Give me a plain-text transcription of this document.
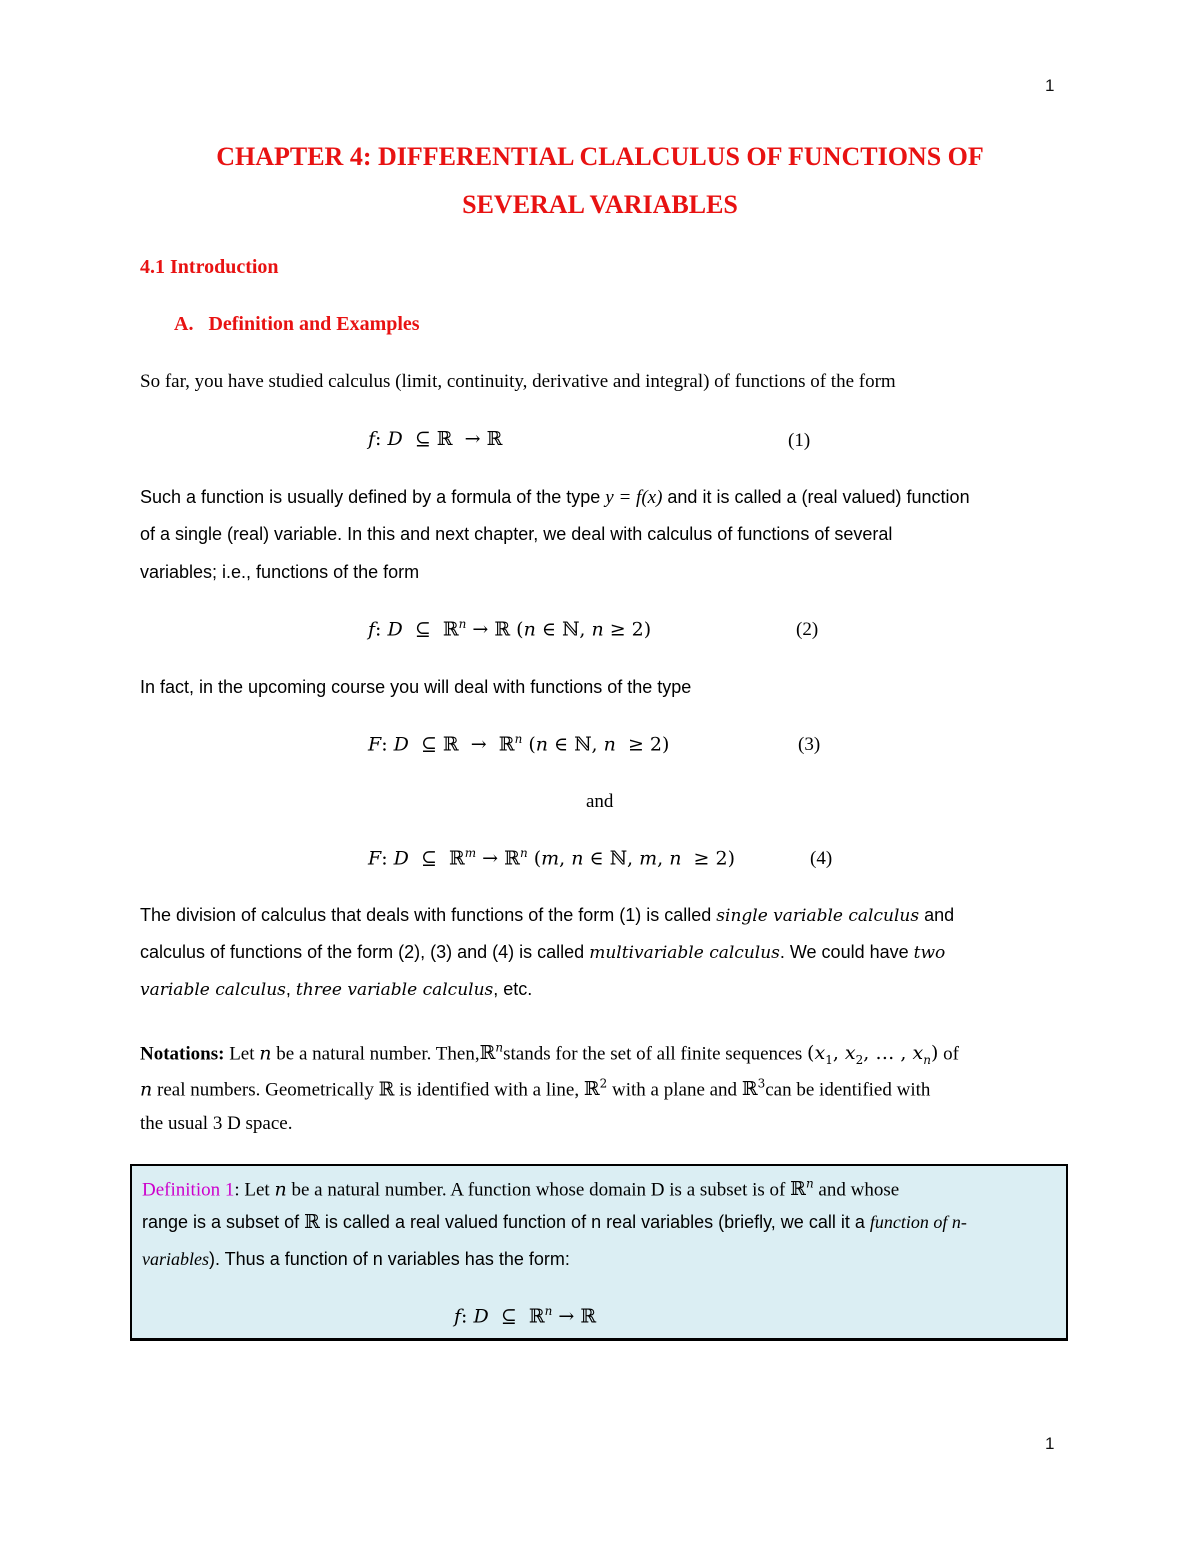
1
1
CHAPTER 4: DIFFERENTIAL CLALCULUS OF FUNCTIONS OF
SEVERAL VARIABLES
4.1 Introduction
A.   Definition and Examples
So far, you have studied calculus (limit, continuity, derivative and integral) of functions of the form
f: D  ⊆ ℝ  → ℝ	(1)
Such a function is usually defined by a formula of the type y = f(x) and it is called a (real valued) function
of a single (real) variable. In this and next chapter, we deal with calculus of functions of several
variables; i.e., functions of the form
f: D  ⊆  ℝ$^n$ → ℝ (n ∈ ℕ, n ≥ 2)	(2)
In fact, in the upcoming course you will deal with functions of the type
F: D  ⊆ ℝ  →  ℝ$^n$ (n ∈ ℕ, n  ≥ 2)	(3)
and
F: D  ⊆  ℝ$^m$ → ℝ$^n$ (m, n ∈ ℕ, m, n  ≥ 2)	(4)
The division of calculus that deals with functions of the form (1) is called single variable calculus and
calculus of functions of the form (2), (3) and (4) is called multivariable calculus. We could have two
variable calculus, three variable calculus, etc.
Notations: Let n be a natural number. Then,ℝ$^n$stands for the set of all finite sequences ($x_1$, $x_2$, … , $x_n$) of
n real numbers. Geometrically ℝ is identified with a line, ℝ$^2$ with a plane and ℝ$^3$can be identified with
the usual 3 D space.
Definition 1: Let n be a natural number. A function whose domain D is a subset is of ℝ$^n$ and whose
range is a subset of ℝ is called a real valued function of n real variables (briefly, we call it a function of n-
variables). Thus a function of n variables has the form:
f: D  ⊆  ℝ$^n$ → ℝ
